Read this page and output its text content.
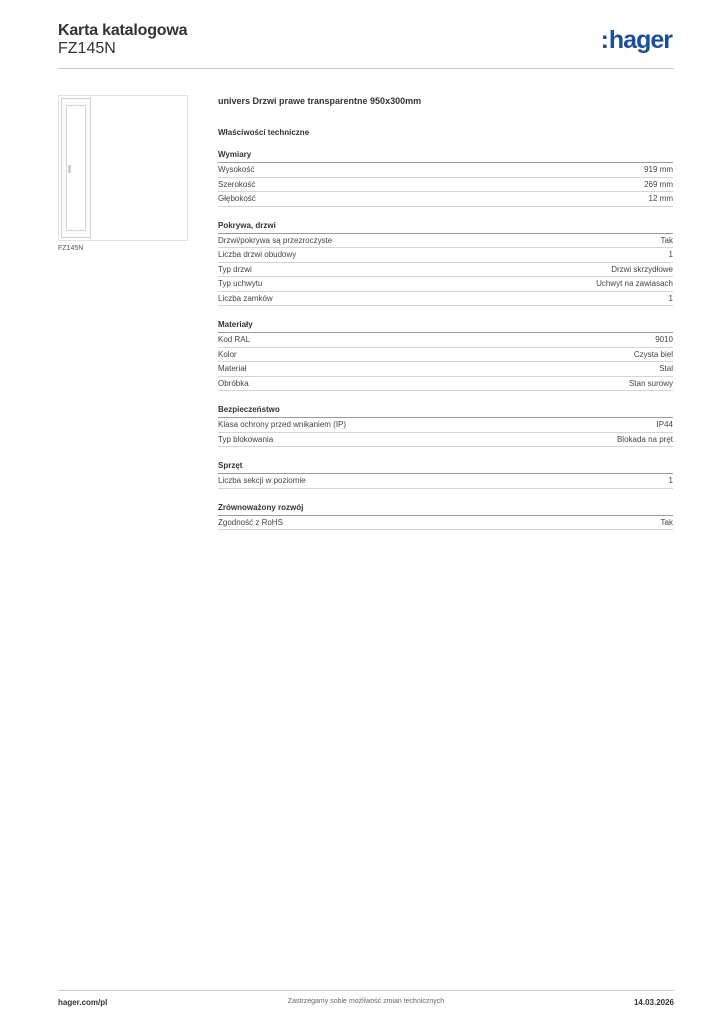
Karta katalogowa
FZ145N	:hager
FZ145N
univers Drzwi prawe transparentne 950x300mm
Właściwości techniczne
Wymiary
Wysokość	919 mm
Szerokość	269 mm
Głębokość	12 mm
Pokrywa, drzwi
Drzwi/pokrywa są przezroczyste	Tak
Liczba drzwi obudowy	1
Typ drzwi	Drzwi skrzydłowe
Typ uchwytu	Uchwyt na zawiasach
Liczba zamków	1
Materiały
Kod RAL	9010
Kolor	Czysta biel
Materiał	Stal
Obróbka	Stan surowy
Bezpieczeństwo
Klasa ochrony przed wnikaniem (IP)	IP44
Typ blokowania	Blokada na pręt
Sprzęt
Liczba sekcji w poziomie	1
Zrównoważony rozwój
Zgodność z RoHS	Tak
hager.com/pl	Zastrzegamy sobie możliwość zmian technicznych	14.03.2026
